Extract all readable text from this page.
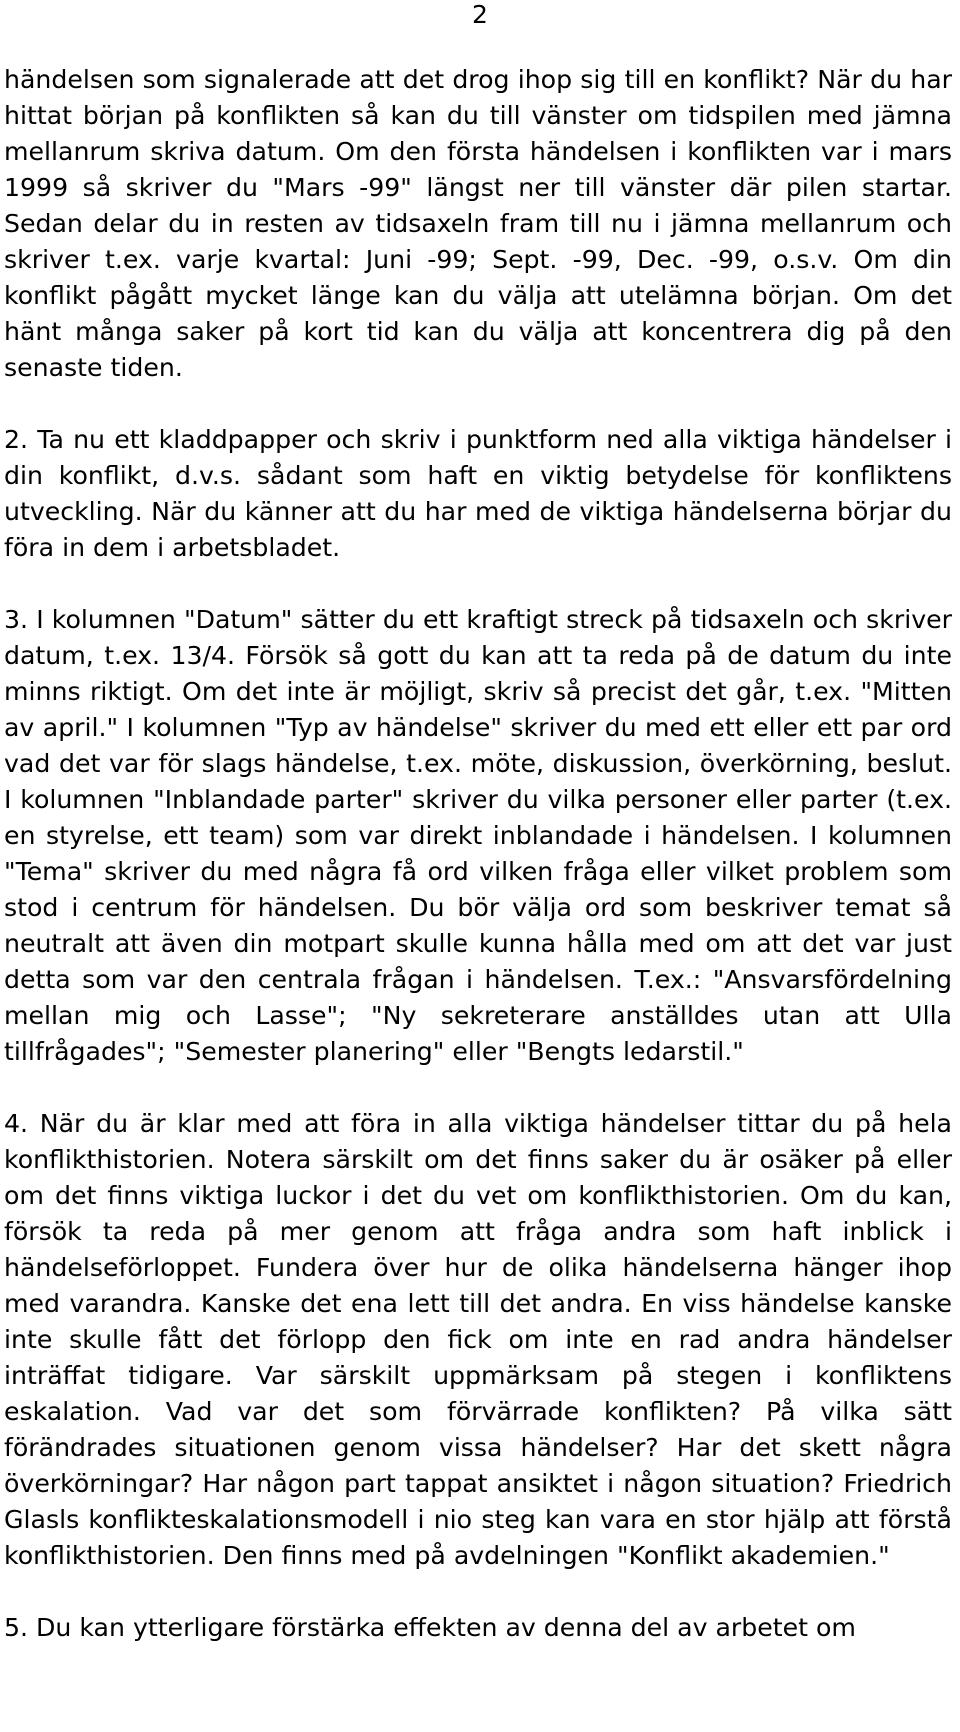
2

händelsen som signalerade att det drog ihop sig till en konflikt? När du har hittat början på konflikten så kan du till vänster om tidspilen med jämna mellanrum skriva datum. Om den första händelsen i konflikten var i mars 1999 så skriver du "Mars -99" längst ner till vänster där pilen startar. Sedan delar du in resten av tidsaxeln fram till nu i jämna mellanrum och skriver t.ex. varje kvartal: Juni -99; Sept. -99, Dec. -99, o.s.v. Om din konflikt pågått mycket länge kan du välja att utelämna början. Om det hänt många saker på kort tid kan du välja att koncentrera dig på den senaste tiden.

2. Ta nu ett kladdpapper och skriv i punktform ned alla viktiga händelser i din konflikt, d.v.s. sådant som haft en viktig betydelse för konfliktens utveckling. När du känner att du har med de viktiga händelserna börjar du föra in dem i arbetsbladet.

3. I kolumnen "Datum" sätter du ett kraftigt streck på tidsaxeln och skriver datum, t.ex. 13/4. Försök så gott du kan att ta reda på de datum du inte minns riktigt. Om det inte är möjligt, skriv så precist det går, t.ex. "Mitten av april." I kolumnen "Typ av händelse" skriver du med ett eller ett par ord vad det var för slags händelse, t.ex. möte, diskussion, överkörning, beslut. I kolumnen "Inblandade parter" skriver du vilka personer eller parter (t.ex. en styrelse, ett team) som var direkt inblandade i händelsen. I kolumnen "Tema" skriver du med några få ord vilken fråga eller vilket problem som stod i centrum för händelsen. Du bör välja ord som beskriver temat så neutralt att även din motpart skulle kunna hålla med om att det var just detta som var den centrala frågan i händelsen. T.ex.: "Ansvarsfördelning mellan mig och Lasse"; "Ny sekreterare anställdes utan att Ulla tillfrågades"; "Semester planering" eller "Bengts ledarstil."

4. När du är klar med att föra in alla viktiga händelser tittar du på hela konflikthistorien. Notera särskilt om det finns saker du är osäker på eller om det finns viktiga luckor i det du vet om konflikthistorien. Om du kan, försök ta reda på mer genom att fråga andra som haft inblick i händelseförloppet. Fundera över hur de olika händelserna hänger ihop med varandra. Kanske det ena lett till det andra. En viss händelse kanske inte skulle fått det förlopp den fick om inte en rad andra händelser inträffat tidigare. Var särskilt uppmärksam på stegen i konfliktens eskalation. Vad var det som förvärrade konflikten? På vilka sätt förändrades situationen genom vissa händelser? Har det skett några överkörningar? Har någon part tappat ansiktet i någon situation? Friedrich Glasls konflikteskalationsmodell i nio steg kan vara en stor hjälp att förstå konflikthistorien. Den finns med på avdelningen "Konflikt akademien."

5. Du kan ytterligare förstärka effekten av denna del av arbetet om
